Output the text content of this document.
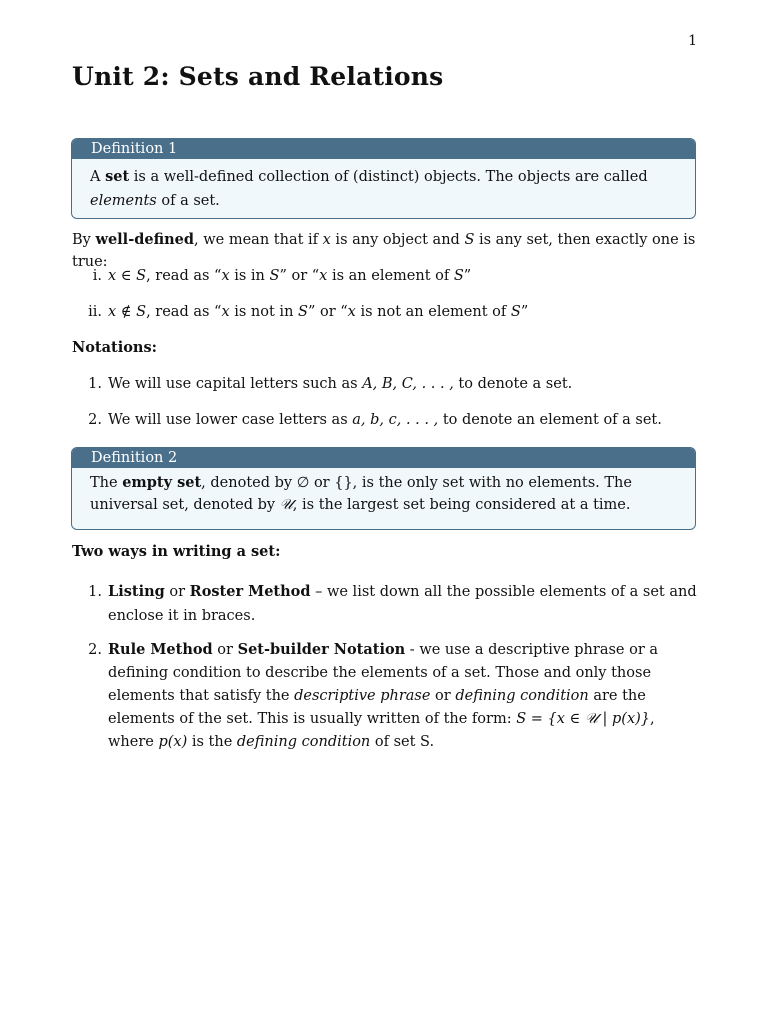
1
Unit 2: Sets and Relations
Definition 1
A set is a well-defined collection of (distinct) objects. The objects are called elements of a set.
By well-defined, we mean that if x is any object and S is any set, then exactly one is true:
i. x ∈ S, read as “x is in S” or “x is an element of S”
ii. x ∉ S, read as “x is not in S” or “x is not an element of S”
Notations:
1. We will use capital letters such as A, B, C, . . . , to denote a set.
2. We will use lower case letters as a, b, c, . . . , to denote an element of a set.
Definition 2
The empty set, denoted by ∅ or {}, is the only set with no elements. The universal set, denoted by 𝒰, is the largest set being considered at a time.
Two ways in writing a set:
1. Listing or Roster Method – we list down all the possible elements of a set and enclose it in braces.
2. Rule Method or Set-builder Notation - we use a descriptive phrase or a defining condition to describe the elements of a set. Those and only those elements that satisfy the descriptive phrase or defining condition are the elements of the set. This is usually written of the form: S = {x ∈ 𝒰 | p(x)}, where p(x) is the defining condition of set S.
